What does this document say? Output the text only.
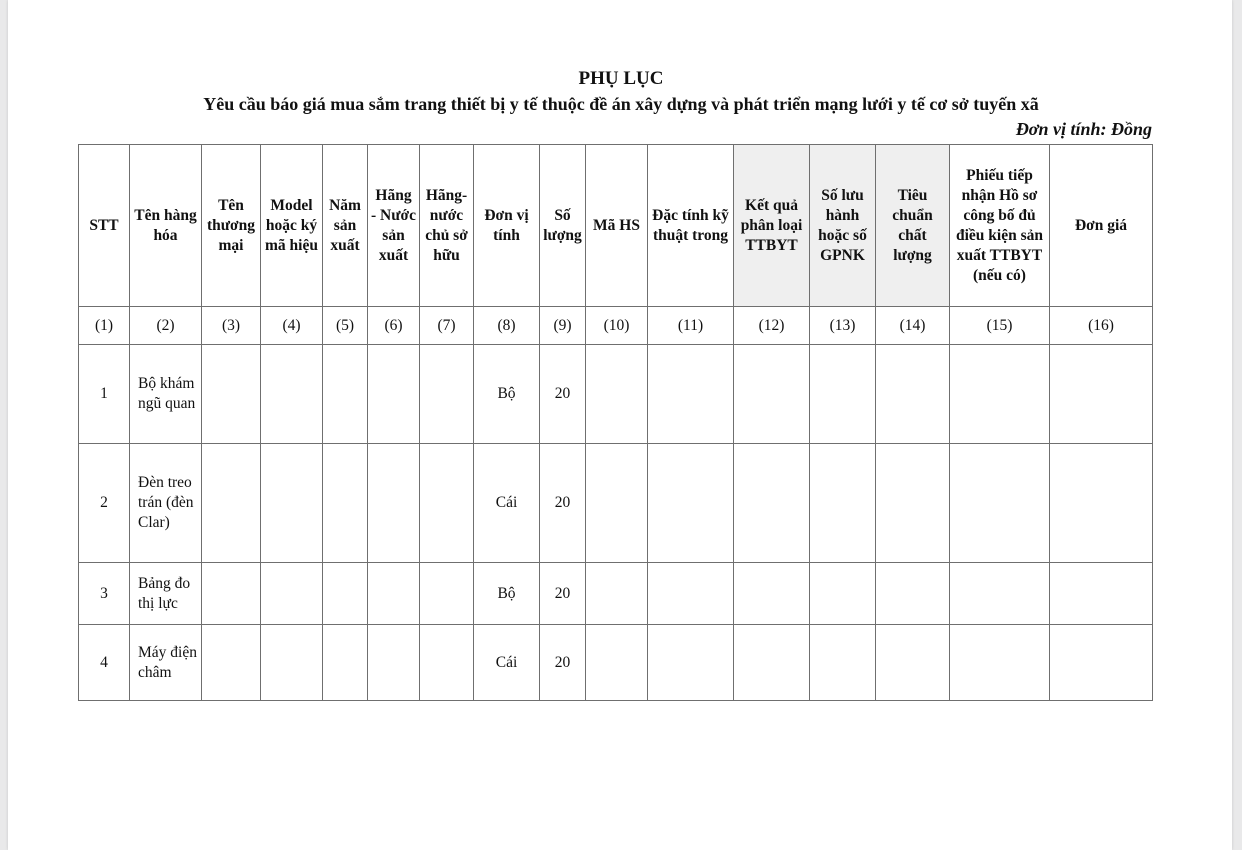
PHỤ LỤC
Yêu cầu báo giá mua sắm trang thiết bị y tế thuộc đề án xây dựng và phát triển mạng lưới y tế cơ sở tuyến xã
Đơn vị tính: Đồng
STT	Tên hàng hóa	Tên thương mại	Model hoặc ký mã hiệu	Năm sản xuất	Hãng - Nước sản xuất	Hãng- nước chủ sở hữu	Đơn vị tính	Số lượng	Mã HS	Đặc tính kỹ thuật trong	Kết quả phân loại TTBYT	Số lưu hành hoặc số GPNK	Tiêu chuẩn chất lượng	Phiếu tiếp nhận Hồ sơ công bố đủ điều kiện sản xuất TTBYT (nếu có)	Đơn giá
(1)	(2)	(3)	(4)	(5)	(6)	(7)	(8)	(9)	(10)	(11)	(12)	(13)	(14)	(15)	(16)
1	Bộ khám ngũ quan						Bộ	20							
2	Đèn treo trán (đèn Clar)						Cái	20							
3	Bảng đo thị lực						Bộ	20							
4	Máy điện châm						Cái	20							
